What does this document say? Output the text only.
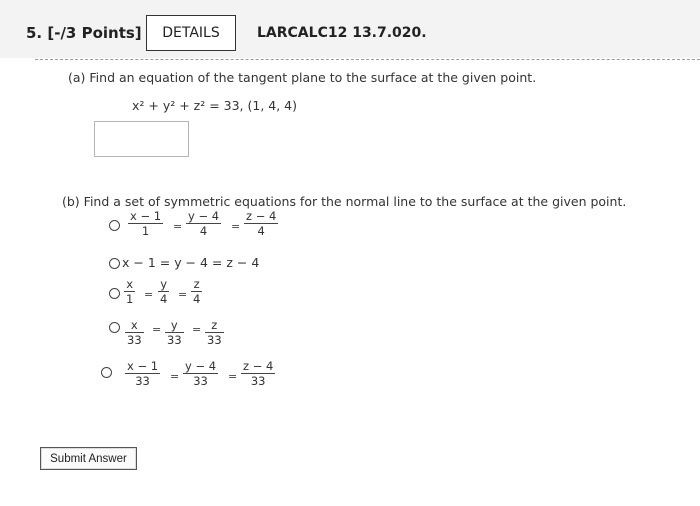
5. [-/3 Points]	DETAILS	LARCALC12 13.7.020.
(a) Find an equation of the tangent plane to the surface at the given point.
x² + y² + z² = 33, (1, 4, 4)
(b) Find a set of symmetric equations for the normal line to the surface at the given point.
x − 1
1 =
y − 4
4 =
z − 4
4
x − 1 = y − 4 = z − 4
x
1 =
y
4 =
z
4
x
33
= y
33
= z
33
x − 1
33 =
y − 4
33 =
z − 4
33
Submit Answer
